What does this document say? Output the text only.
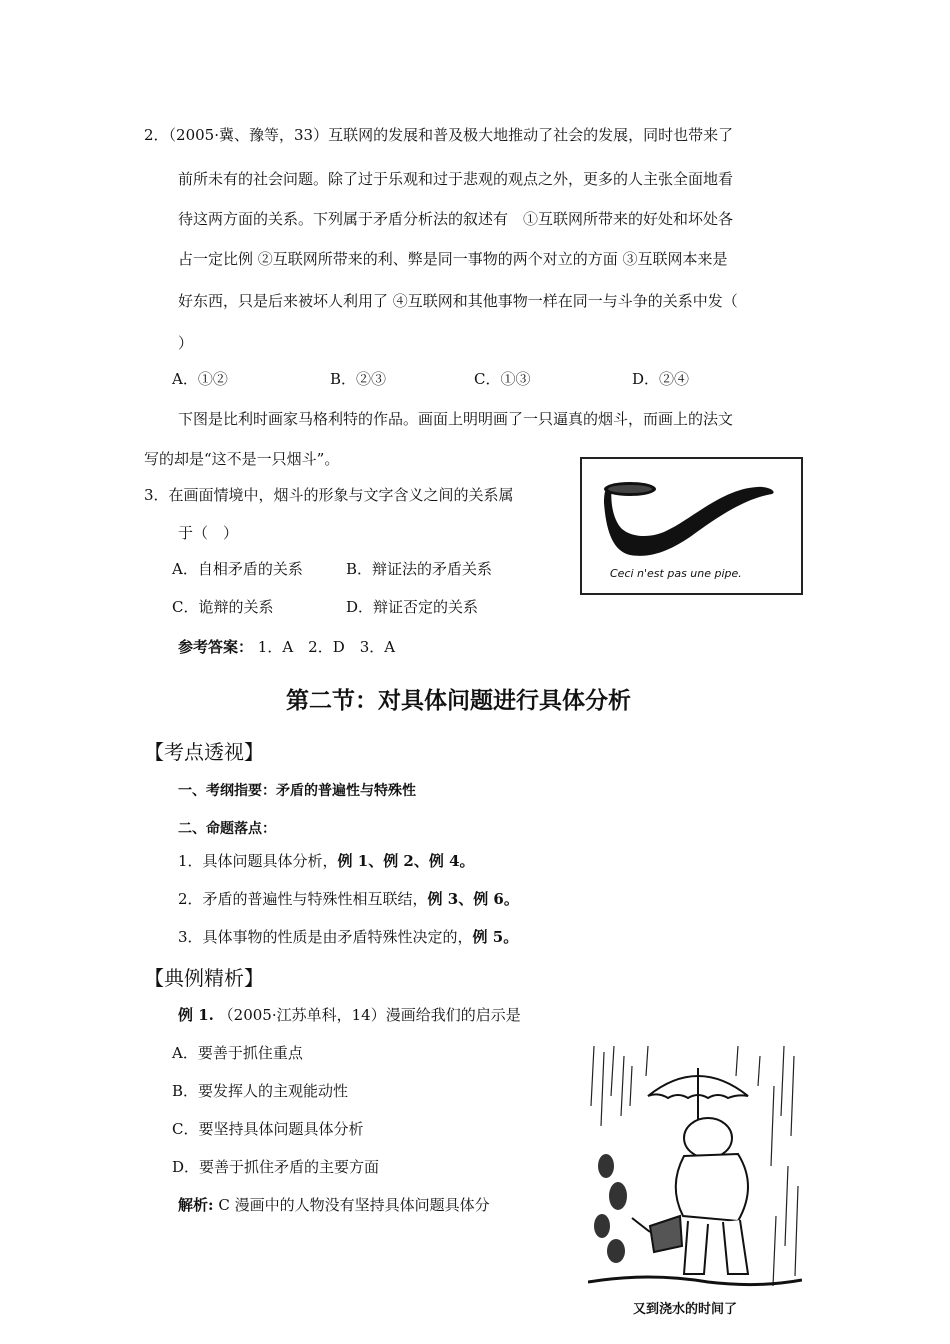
2．（2005·冀、豫等，33）互联网的发展和普及极大地推动了社会的发展，同时也带来了
前所未有的社会问题。除了过于乐观和过于悲观的观点之外，更多的人主张全面地看
待这两方面的关系。下列属于矛盾分析法的叙述有　①互联网所带来的好处和坏处各
占一定比例 ②互联网所带来的利、弊是同一事物的两个对立的方面 ③互联网本来是
好东西，只是后来被坏人利用了 ④互联网和其他事物一样在同一与斗争的关系中发（
）
A．①②	B．②③	C．①③	D．②④
下图是比利时画家马格利特的作品。画面上明明画了一只逼真的烟斗，而画上的法文
写的却是“这不是一只烟斗”。
3．在画面情境中，烟斗的形象与文字含义之间的关系属
于（　）
A．自相矛盾的关系	B．辩证法的矛盾关系
C．诡辩的关系	D．辩证否定的关系
Ceci n'est pas une pipe.
参考答案： 1．A　2．D　3．A
第二节：对具体问题进行具体分析
【考点透视】
一、考纲指要：矛盾的普遍性与特殊性
二、命题落点：
1．具体问题具体分析，例 1、例 2、例 4。
2．矛盾的普遍性与特殊性相互联结，例 3、例 6。
3．具体事物的性质是由矛盾特殊性决定的，例 5。
【典例精析】
例 1. （2005·江苏单科，14）漫画给我们的启示是
A．要善于抓住重点
B．要发挥人的主观能动性
C．要坚持具体问题具体分析
D．要善于抓住矛盾的主要方面
解析: C 漫画中的人物没有坚持具体问题具体分
又到浇水的时间了
